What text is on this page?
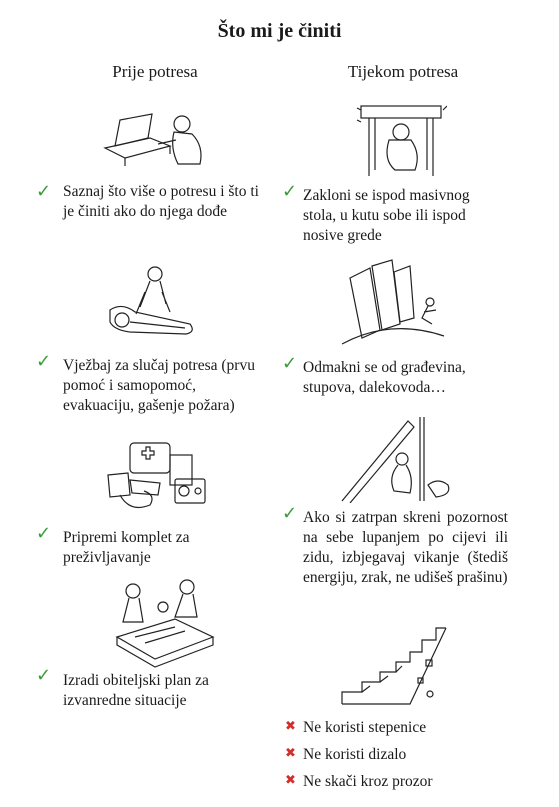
Što mi je činiti
Prije potresa	Tijekom potresa
✓ Saznaj što više o potresu i što ti je činiti ako do njega dođe
✓ Vježbaj za slučaj potresa (prvu pomoć i samopomoć, evakuaciju, gašenje požara)
✓ Pripremi komplet za preživljavanje
✓ Izradi obiteljski plan za izvanredne situacije
✓ Zakloni se ispod masivnog stola, u kutu sobe ili ispod nosive grede
✓ Odmakni se od građevina, stupova, dalekovoda…
✓ Ako si zatrpan skreni pozornost na sebe lupanjem po cijevi ili zidu, izbjegavaj vikanje (štediš energiju, zrak, ne udišeš prašinu)
✖ Ne koristi stepenice
✖ Ne koristi dizalo
✖ Ne skači kroz prozor
